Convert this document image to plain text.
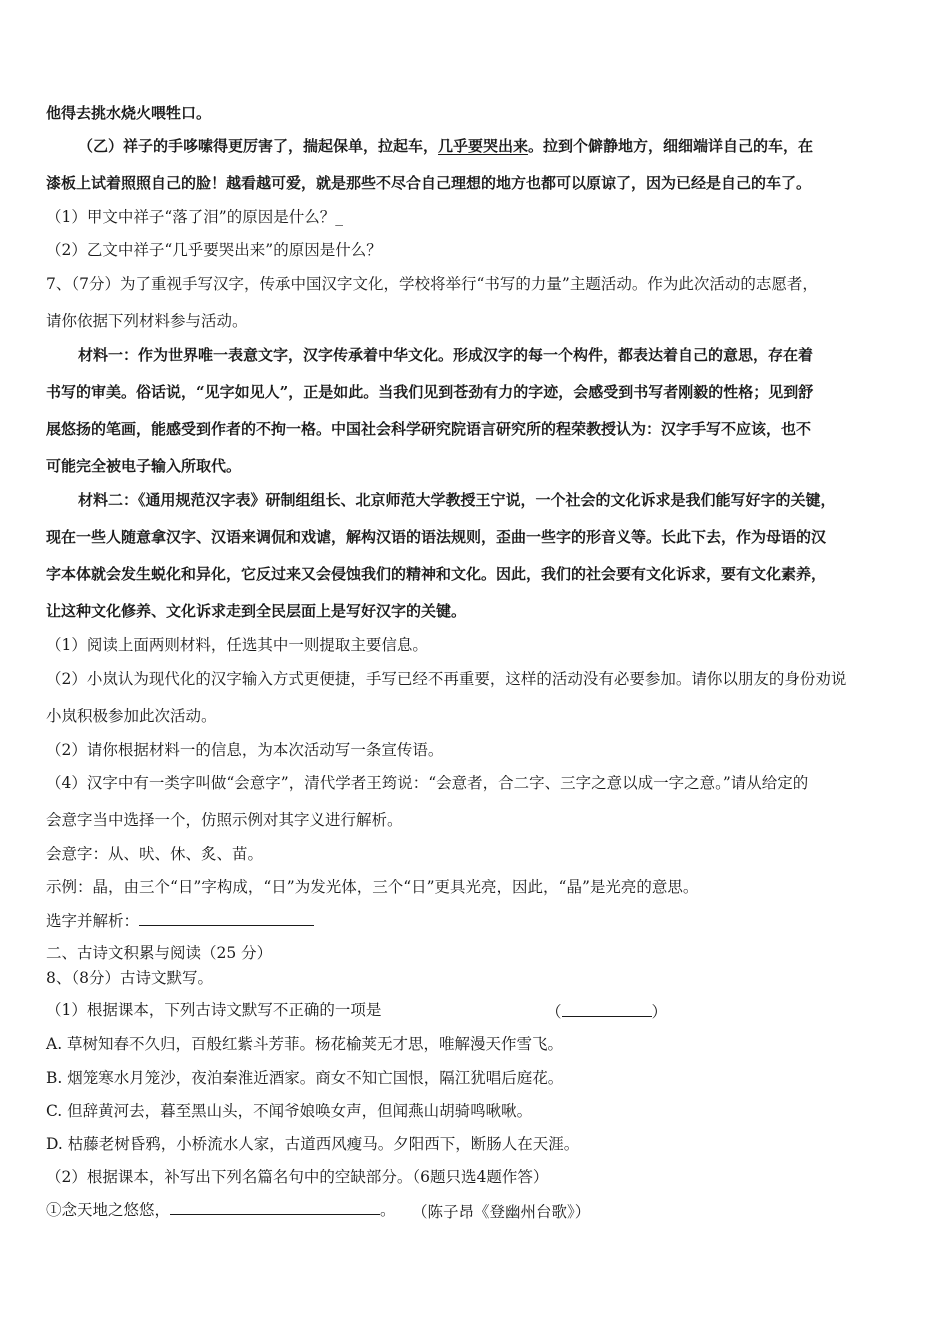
他得去挑水烧火喂牲口。
（乙）祥子的手哆嗦得更厉害了，揣起保单，拉起车，几乎要哭出来。拉到个僻静地方，细细端详自己的车，在
漆板上试着照照自己的脸！越看越可爱，就是那些不尽合自己理想的地方也都可以原谅了，因为已经是自己的车了。
（1）甲文中祥子“落了泪”的原因是什么？_
（2）乙文中祥子“几乎要哭出来”的原因是什么？
7、（7分）为了重视手写汉字，传承中国汉字文化，学校将举行“书写的力量”主题活动。作为此次活动的志愿者，
请你依据下列材料参与活动。
材料一：作为世界唯一表意文字，汉字传承着中华文化。形成汉字的每一个构件，都表达着自己的意思，存在着
书写的审美。俗话说，“见字如见人”，正是如此。当我们见到苍劲有力的字迹，会感受到书写者刚毅的性格；见到舒
展悠扬的笔画，能感受到作者的不拘一格。中国社会科学研究院语言研究所的程荣教授认为：汉字手写不应该，也不
可能完全被电子输入所取代。
材料二：《通用规范汉字表》研制组组长、北京师范大学教授王宁说，一个社会的文化诉求是我们能写好字的关键，
现在一些人随意拿汉字、汉语来调侃和戏谑，解构汉语的语法规则，歪曲一些字的形音义等。长此下去，作为母语的汉
字本体就会发生蜕化和异化，它反过来又会侵蚀我们的精神和文化。因此，我们的社会要有文化诉求，要有文化素养，
让这种文化修养、文化诉求走到全民层面上是写好汉字的关键。
（1）阅读上面两则材料，任选其中一则提取主要信息。
（2）小岚认为现代化的汉字输入方式更便捷，手写已经不再重要，这样的活动没有必要参加。请你以朋友的身份劝说
小岚积极参加此次活动。
（2）请你根据材料一的信息，为本次活动写一条宣传语。
（4）汉字中有一类字叫做“会意字”，清代学者王筠说：“会意者，合二字、三字之意以成一字之意。”请从给定的
会意字当中选择一个，仿照示例对其字义进行解析。
会意字：从、吠、休、炙、苗。
示例：晶，由三个“日”字构成，“日”为发光体，三个“日”更具光亮，因此，“晶”是光亮的意思。
选字并解析：
二、古诗文积累与阅读（25 分）
8、（8分）古诗文默写。
（1）根据课本，下列古诗文默写不正确的一项是	（	）
A. 草树知春不久归，百般红紫斗芳菲。杨花榆荚无才思，唯解漫天作雪飞。
B. 烟笼寒水月笼沙，夜泊秦淮近酒家。商女不知亡国恨，隔江犹唱后庭花。
C. 但辞黄河去，暮至黑山头，不闻爷娘唤女声，但闻燕山胡骑鸣啾啾。
D. 枯藤老树昏鸦，小桥流水人家，古道西风瘦马。夕阳西下，断肠人在天涯。
（2）根据课本，补写出下列名篇名句中的空缺部分。（6题只选4题作答）
①念天地之悠悠，	。 （陈子昂《登幽州台歌》）
